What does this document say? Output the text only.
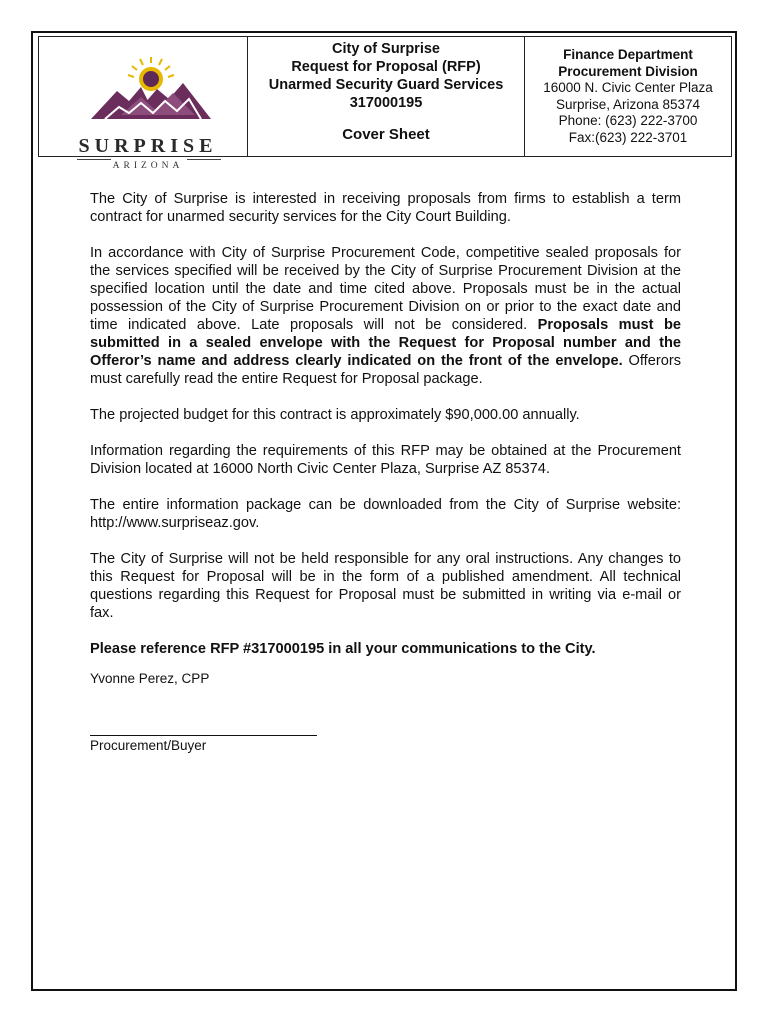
SURPRISE
ARIZONA
City of Surprise
Request for Proposal (RFP)
Unarmed Security Guard Services
317000195
Cover Sheet
Finance Department
Procurement Division
16000 N. Civic Center Plaza
Surprise, Arizona 85374
Phone: (623) 222-3700
Fax:(623) 222-3701

The City of Surprise is interested in receiving proposals from firms to establish a term contract for unarmed security services for the City Court Building.

In accordance with City of Surprise Procurement Code, competitive sealed proposals for the services specified will be received by the City of Surprise Procurement Division at the specified location until the date and time cited above. Proposals must be in the actual possession of the City of Surprise Procurement Division on or prior to the exact date and time indicated above. Late proposals will not be considered. Proposals must be submitted in a sealed envelope with the Request for Proposal number and the Offeror’s name and address clearly indicated on the front of the envelope. Offerors must carefully read the entire Request for Proposal package.

The projected budget for this contract is approximately $90,000.00 annually.

Information regarding the requirements of this RFP may be obtained at the Procurement Division located at 16000 North Civic Center Plaza, Surprise AZ 85374.

The entire information package can be downloaded from the City of Surprise website: http://www.surpriseaz.gov.

The City of Surprise will not be held responsible for any oral instructions. Any changes to this Request for Proposal will be in the form of a published amendment. All technical questions regarding this Request for Proposal must be submitted in writing via e-mail or fax.

Please reference RFP #317000195 in all your communications to the City.

Yvonne Perez, CPP
Procurement/Buyer
